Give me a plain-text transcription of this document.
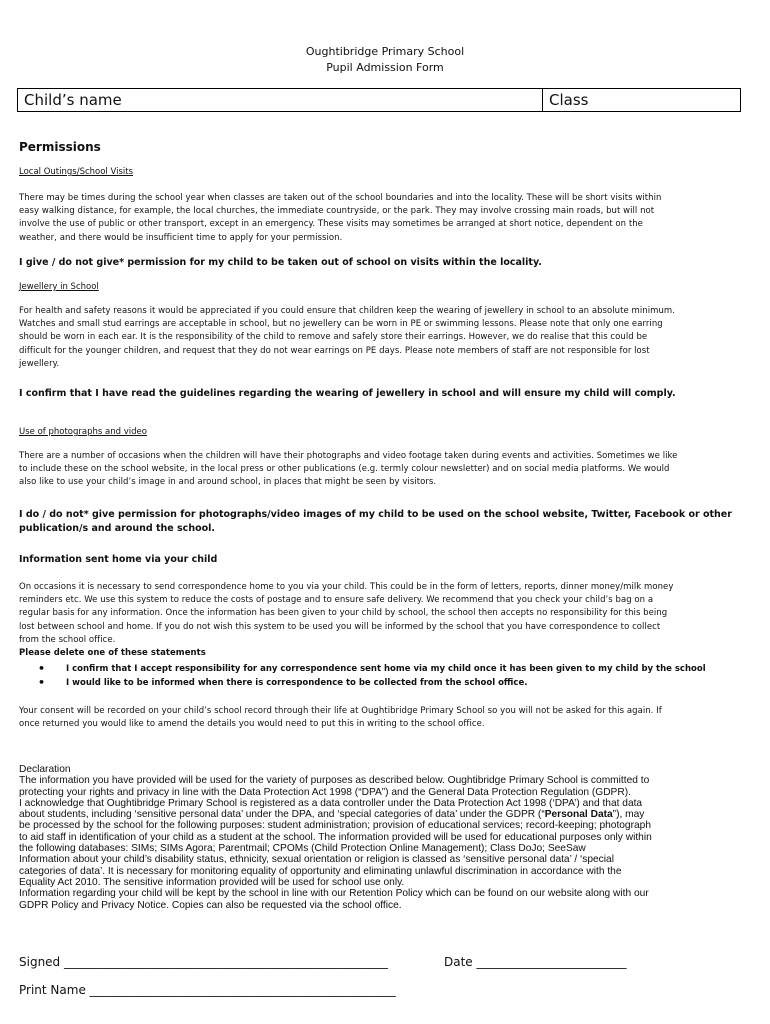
Oughtibridge Primary School
Pupil Admission Form
Child’s name	Class
Permissions
Local Outings/School Visits
There may be times during the school year when classes are taken out of the school boundaries and into the locality. These will be short visits within
easy walking distance, for example, the local churches, the immediate countryside, or the park. They may involve crossing main roads, but will not
involve the use of public or other transport, except in an emergency. These visits may sometimes be arranged at short notice, dependent on the
weather, and there would be insufficient time to apply for your permission.
I give / do not give* permission for my child to be taken out of school on visits within the locality.
Jewellery in School
For health and safety reasons it would be appreciated if you could ensure that children keep the wearing of jewellery in school to an absolute minimum.
Watches and small stud earrings are acceptable in school, but no jewellery can be worn in PE or swimming lessons. Please note that only one earring
should be worn in each ear. It is the responsibility of the child to remove and safely store their earrings. However, we do realise that this could be
difficult for the younger children, and request that they do not wear earrings on PE days. Please note members of staff are not responsible for lost
jewellery.
I confirm that I have read the guidelines regarding the wearing of jewellery in school and will ensure my child will comply.
Use of photographs and video
There are a number of occasions when the children will have their photographs and video footage taken during events and activities. Sometimes we like
to include these on the school website, in the local press or other publications (e.g. termly colour newsletter) and on social media platforms. We would
also like to use your child’s image in and around school, in places that might be seen by visitors.
I do / do not* give permission for photographs/video images of my child to be used on the school website, Twitter, Facebook or other
publication/s and around the school.
Information sent home via your child
On occasions it is necessary to send correspondence home to you via your child. This could be in the form of letters, reports, dinner money/milk money
reminders etc. We use this system to reduce the costs of postage and to ensure safe delivery. We recommend that you check your child’s bag on a
regular basis for any information. Once the information has been given to your child by school, the school then accepts no responsibility for this being
lost between school and home. If you do not wish this system to be used you will be informed by the school that you have correspondence to collect
from the school office.
Please delete one of these statements
• I confirm that I accept responsibility for any correspondence sent home via my child once it has been given to my child by the school
• I would like to be informed when there is correspondence to be collected from the school office.
Your consent will be recorded on your child’s school record through their life at Oughtibridge Primary School so you will not be asked for this again. If
once returned you would like to amend the details you would need to put this in writing to the school office.
Declaration
The information you have provided will be used for the variety of purposes as described below. Oughtibridge Primary School is committed to
protecting your rights and privacy in line with the Data Protection Act 1998 (“DPA”) and the General Data Protection Regulation (GDPR).
I acknowledge that Oughtibridge Primary School is registered as a data controller under the Data Protection Act 1998 (‘DPA’) and that data
about students, including ‘sensitive personal data’ under the DPA, and ‘special categories of data’ under the GDPR (“Personal Data”), may
be processed by the school for the following purposes: student administration; provision of educational services; record-keeping; photograph
to aid staff in identification of your child as a student at the school. The information provided will be used for educational purposes only within
the following databases: SIMs; SIMs Agora; Parentmail; CPOMs (Child Protection Online Management); Class DoJo; SeeSaw
Information about your child’s disability status, ethnicity, sexual orientation or religion is classed as ‘sensitive personal data’ / ‘special
categories of data’. It is necessary for monitoring equality of opportunity and eliminating unlawful discrimination in accordance with the
Equality Act 2010. The sensitive information provided will be used for school use only.
Information regarding your child will be kept by the school in line with our Retention Policy which can be found on our website along with our
GDPR Policy and Privacy Notice. Copies can also be requested via the school office.
Signed ______________________________________________________	Date _________________________
Print Name ___________________________________________________
